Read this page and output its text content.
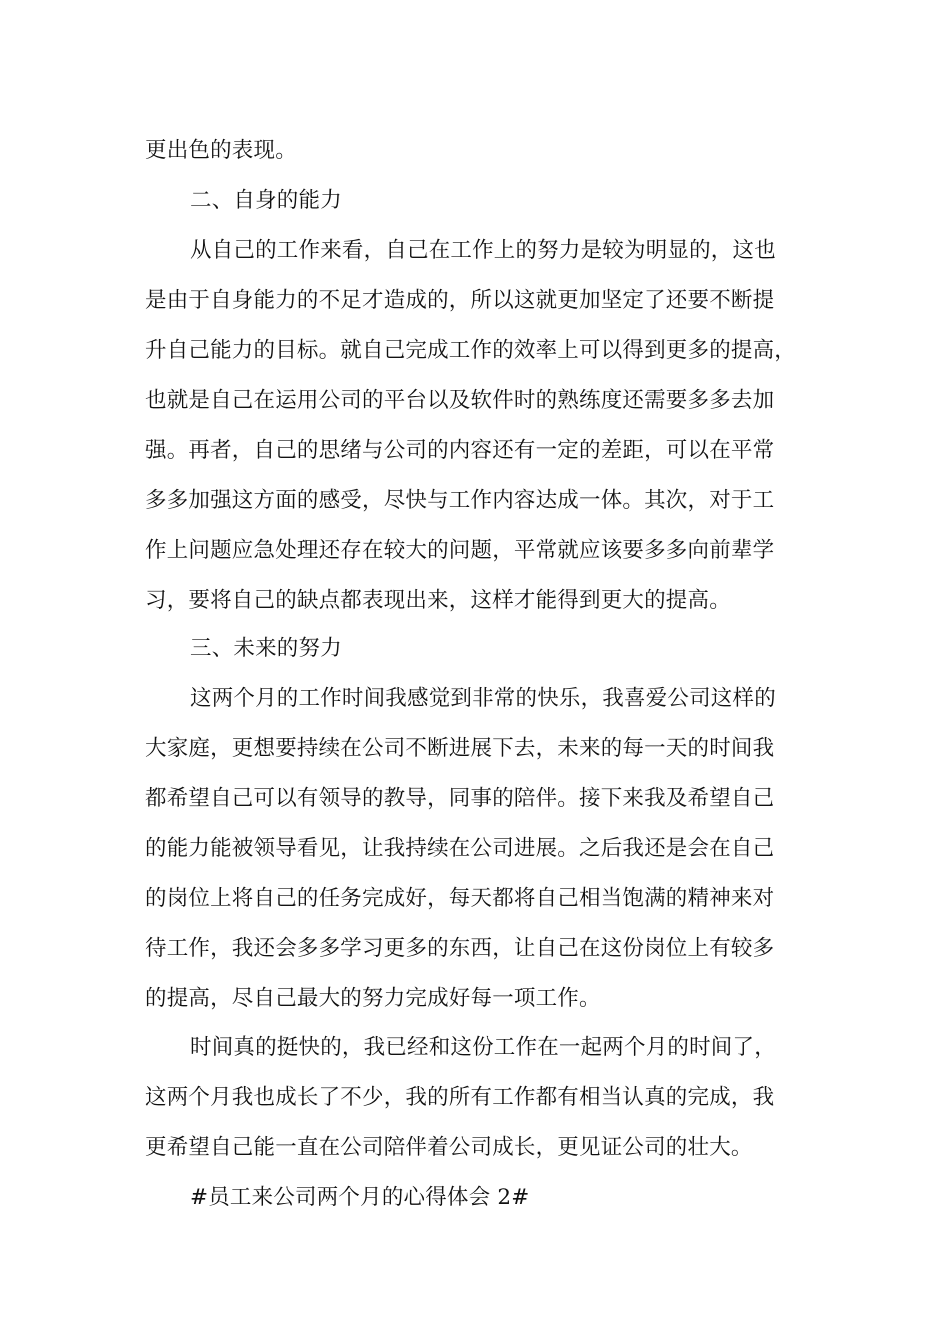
更出色的表现。
二、自身的能力
从自己的工作来看，自己在工作上的努力是较为明显的，这也
是由于自身能力的不足才造成的，所以这就更加坚定了还要不断提
升自己能力的目标。就自己完成工作的效率上可以得到更多的提高，
也就是自己在运用公司的平台以及软件时的熟练度还需要多多去加
强。再者，自己的思绪与公司的内容还有一定的差距，可以在平常
多多加强这方面的感受，尽快与工作内容达成一体。其次，对于工
作上问题应急处理还存在较大的问题，平常就应该要多多向前辈学
习，要将自己的缺点都表现出来，这样才能得到更大的提高。
三、未来的努力
这两个月的工作时间我感觉到非常的快乐，我喜爱公司这样的
大家庭，更想要持续在公司不断进展下去，未来的每一天的时间我
都希望自己可以有领导的教导，同事的陪伴。接下来我及希望自己
的能力能被领导看见，让我持续在公司进展。之后我还是会在自己
的岗位上将自己的任务完成好，每天都将自己相当饱满的精神来对
待工作，我还会多多学习更多的东西，让自己在这份岗位上有较多
的提高，尽自己最大的努力完成好每一项工作。
时间真的挺快的，我已经和这份工作在一起两个月的时间了，
这两个月我也成长了不少，我的所有工作都有相当认真的完成，我
更希望自己能一直在公司陪伴着公司成长，更见证公司的壮大。
#员工来公司两个月的心得体会 2#
